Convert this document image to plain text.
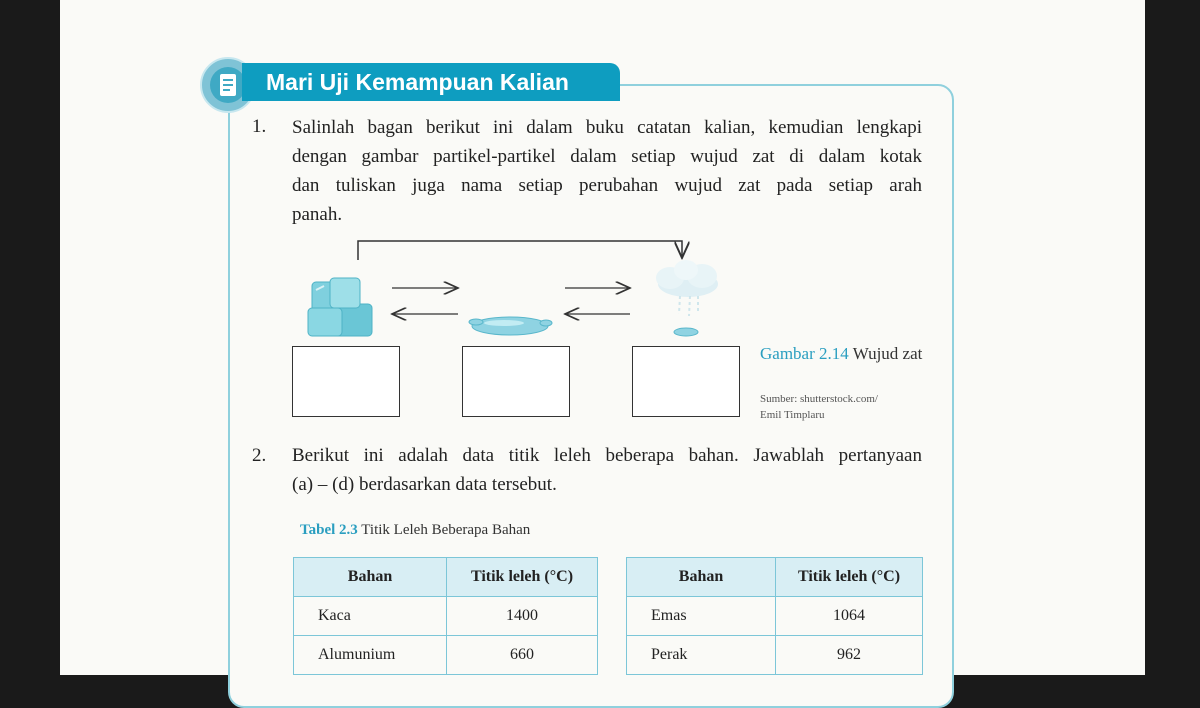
Mari Uji Kemampuan Kalian
1. Salinlah bagan berikut ini dalam buku catatan kalian, kemudian lengkapi
dengan gambar partikel-partikel dalam setiap wujud zat di dalam kotak
dan tuliskan juga nama setiap perubahan wujud zat pada setiap arah
panah.
Gambar 2.14 Wujud zat
Sumber: shutterstock.com/
Emil Timplaru
2. Berikut ini adalah data titik leleh beberapa bahan. Jawablah pertanyaan
(a) – (d) berdasarkan data tersebut.
Tabel 2.3 Titik Leleh Beberapa Bahan
Bahan	Titik leleh (°C)
Kaca	1400
Alumunium	660
Bahan	Titik leleh (°C)
Emas	1064
Perak	962
